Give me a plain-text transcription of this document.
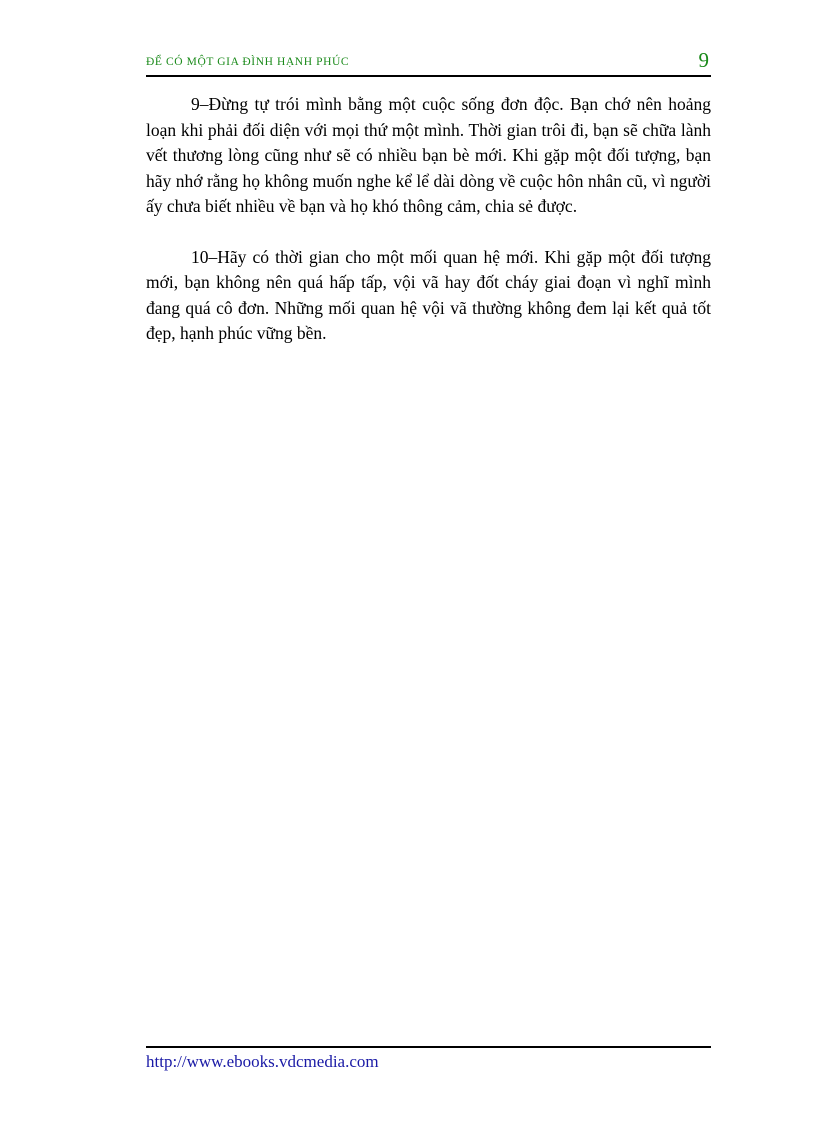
ĐỂ CÓ MỘT GIA ĐÌNH HẠNH PHÚC	9

9–Đừng tự trói mình bằng một cuộc sống đơn độc. Bạn chớ nên hoảng loạn khi phải đối diện với mọi thứ một mình. Thời gian trôi đi, bạn sẽ chữa lành vết thương lòng cũng như sẽ có nhiều bạn bè mới. Khi gặp một đối tượng, bạn hãy nhớ rằng họ không muốn nghe kể lể dài dòng về cuộc hôn nhân cũ, vì người ấy chưa biết nhiều về bạn và họ khó thông cảm, chia sẻ được.

10–Hãy có thời gian cho một mối quan hệ mới. Khi gặp một đối tượng mới, bạn không nên quá hấp tấp, vội vã hay đốt cháy giai đoạn vì nghĩ mình đang quá cô đơn. Những mối quan hệ vội vã thường không đem lại kết quả tốt đẹp, hạnh phúc vững bền.

http://www.ebooks.vdcmedia.com
